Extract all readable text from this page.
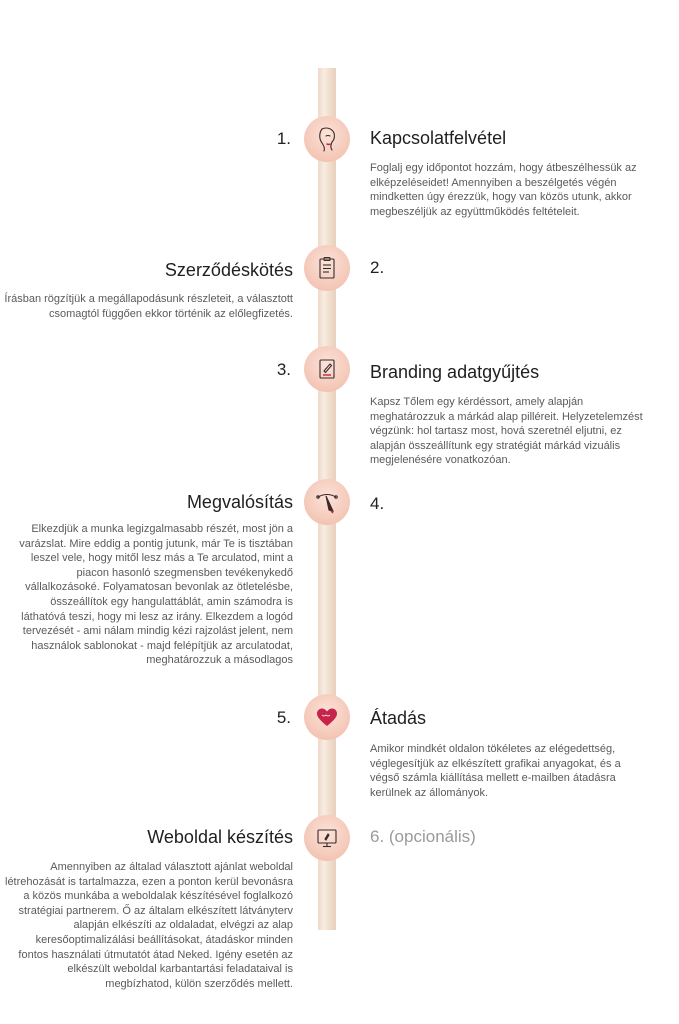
1.	Kapcsolatfelvétel
Foglalj egy időpontot hozzám, hogy átbeszélhessük az elképzeléseidet! Amennyiben a beszélgetés végén mindketten úgy érezzük, hogy van közös utunk, akkor megbeszéljük az együttműködés feltételeit.
2.
Szerződéskötés
Írásban rögzítjük a megállapodásunk részleteit, a választott csomagtól függően ekkor történik az előlegfizetés.
3.	Branding adatgyűjtés
Kapsz Tőlem egy kérdéssort, amely alapján meghatározzuk a márkád alap pilléreit. Helyzetelemzést végzünk: hol tartasz most, hová szeretnél eljutni, ez alapján összeállítunk egy stratégiát márkád vizuális megjelenésére vonatkozóan.
4.
Megvalósítás
Elkezdjük a munka legizgalmasabb részét, most jön a varázslat. Mire eddig a pontig jutunk, már Te is tisztában leszel vele, hogy mitől lesz más a Te arculatod, mint a piacon hasonló szegmensben tevékenykedő vállalkozásoké. Folyamatosan bevonlak az ötletelésbe, összeállítok egy hangulattáblát, amin számodra is láthatóvá teszi, hogy mi lesz az irány. Elkezdem a logód tervezését - ami nálam mindig kézi rajzolást jelent, nem használok sablonokat - majd felépítjük az arculatodat, meghatározzuk a másodlagos
5.	Átadás
Amikor mindkét oldalon tökéletes az elégedettség, véglegesítjük az elkészített grafikai anyagokat, és a végső számla kiállítása mellett e-mailben átadásra kerülnek az állományok.
6. (opcionális)
Weboldal készítés
Amennyiben az általad választott ajánlat weboldal létrehozását is tartalmazza, ezen a ponton kerül bevonásra a közös munkába a weboldalak készítésével foglalkozó stratégiai partnerem. Ő az általam elkészített látványterv alapján elkészíti az oldaladat, elvégzi az alap keresőoptimalizálási beállításokat, átadáskor minden fontos használati útmutatót átad Neked. Igény esetén az elkészült weboldal karbantartási feladataival is megbízhatod, külön szerződés mellett.
